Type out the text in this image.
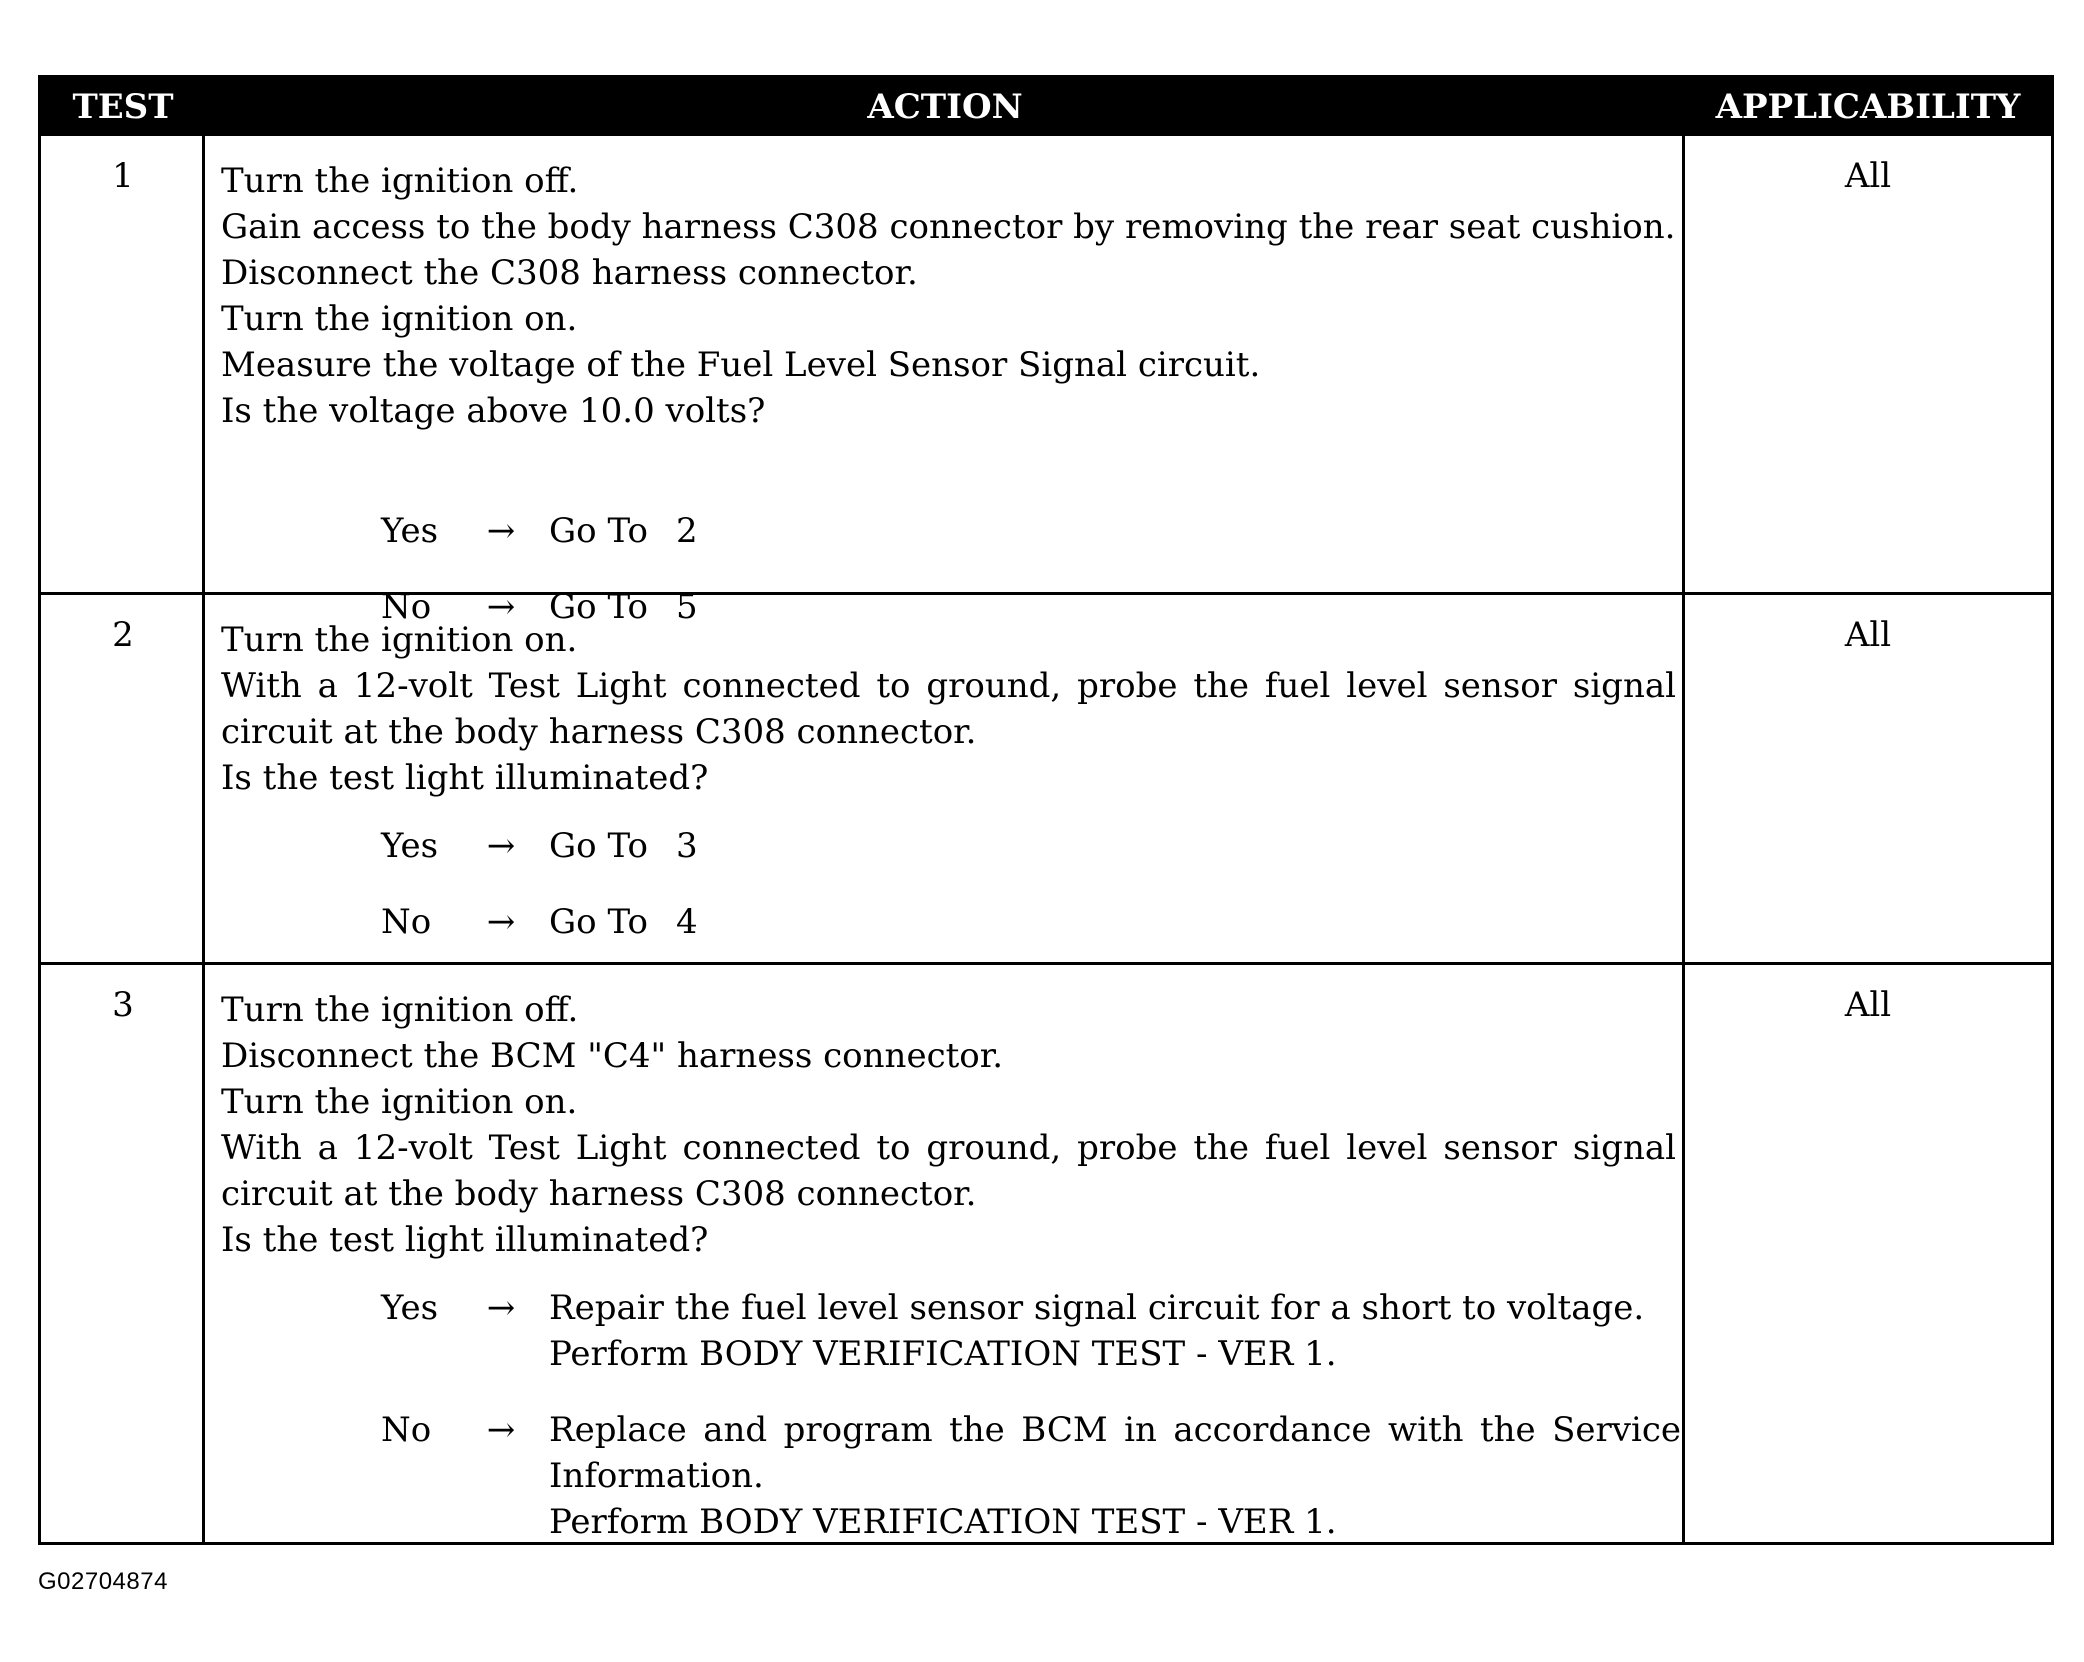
TEST	ACTION	APPLICABILITY
1	Turn the ignition off.
Gain access to the body harness C308 connector by removing the rear seat cushion.
Disconnect the C308 harness connector.
Turn the ignition on.
Measure the voltage of the Fuel Level Sensor Signal circuit.
Is the voltage above 10.0 volts?
Yes	→ Go To 2
No	→ Go To 5
All
2	Turn the ignition on.
With a 12-volt Test Light connected to ground, probe the fuel level sensor signal circuit at the body harness C308 connector.
Is the test light illuminated?
Yes	→ Go To 3
No	→ Go To 4
All
3	Turn the ignition off.
Disconnect the BCM "C4" harness connector.
Turn the ignition on.
With a 12-volt Test Light connected to ground, probe the fuel level sensor signal circuit at the body harness C308 connector.
Is the test light illuminated?
Yes	→ Repair the fuel level sensor signal circuit for a short to voltage.
Perform BODY VERIFICATION TEST - VER 1.
No	→ Replace and program the BCM in accordance with the Service Information.
Perform BODY VERIFICATION TEST - VER 1.
All
G02704874
